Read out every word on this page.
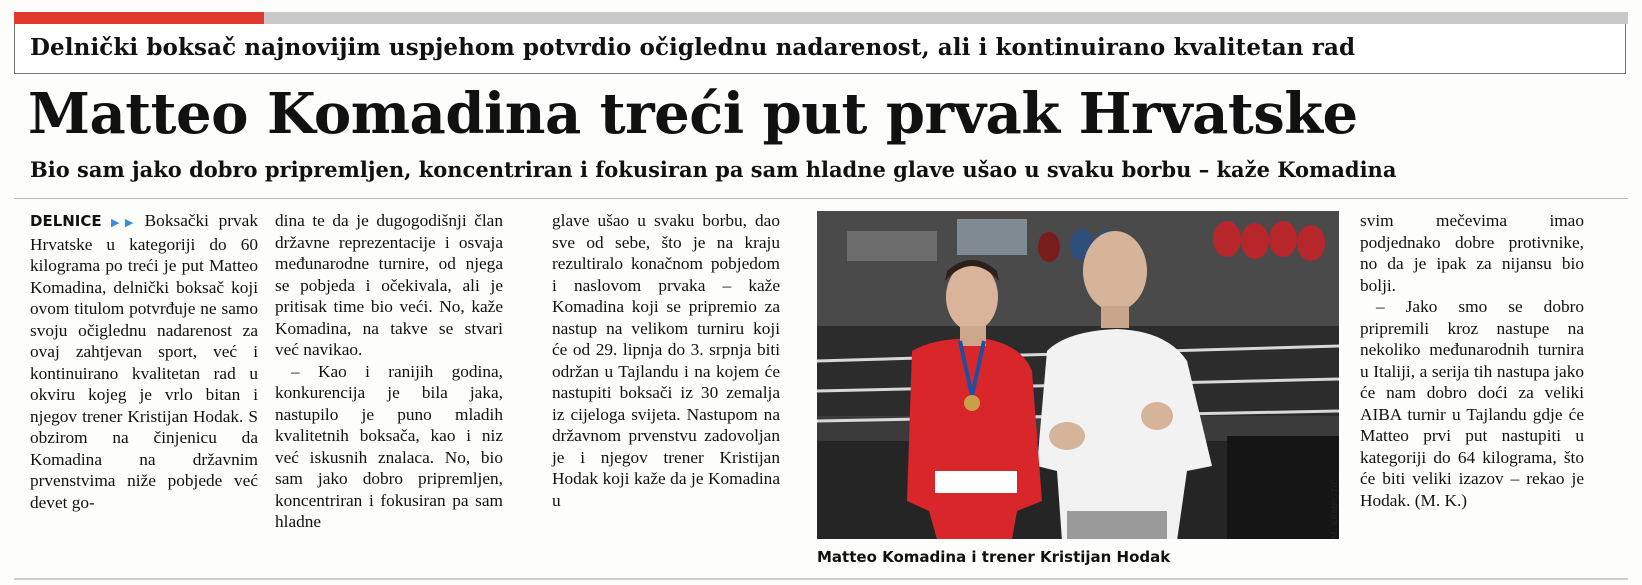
Delnički boksač najnovijim uspjehom potvrdio očiglednu nadarenost, ali i kontinuirano kvalitetan rad
Matteo Komadina treći put prvak Hrvatske
Bio sam jako dobro pripremljen, koncentriran i fokusiran pa sam hladne glave ušao u svaku borbu – kaže Komadina

DELNICE ▶▶ Boksački prvak Hrvatske u kategoriji do 60 kilograma po treći je put Matteo Komadina, delnički boksač koji ovom titulom potvrđuje ne samo svoju očiglednu nadarenost za ovaj zahtjevan sport, već i kontinuirano kvalitetan rad u okviru kojeg je vrlo bitan i njegov trener Kristijan Hodak. S obzirom na činjenicu da Komadina na državnim prvenstvima niže pobjede već devet go-

dina te da je dugogodišnji član državne reprezentacije i osvaja međunarodne turnire, od njega se pobjeda i očekivala, ali je pritisak time bio veći. No, kaže Komadina, na takve se stvari već navikao.

– Kao i ranijih godina, konkurencija je bila jaka, nastupilo je puno mladih kvalitetnih boksača, kao i niz već iskusnih znalaca. No, bio sam jako dobro pripremljen, koncentriran i fokusiran pa sam hladne

glave ušao u svaku borbu, dao sve od sebe, što je na kraju rezultiralo konačnom pobjedom i naslovom prvaka – kaže Komadina koji se pripremio za nastup na velikom turniru koji će od 29. lipnja do 3. srpnja biti održan u Tajlandu i na kojem će nastupiti boksači iz 30 zemalja iz cijeloga svijeta. Nastupom na državnom prvenstvu zadovoljan je i njegov trener Kristijan Hodak koji kaže da je Komadina u	M. KRMPOTIĆ
Matteo Komadina i trener Kristijan Hodak

svim mečevima imao podjednako dobre protivnike, no da je ipak za nijansu bio bolji.

– Jako smo se dobro pripremili kroz nastupe na nekoliko međunarodnih turnira u Italiji, a serija tih nastupa jako će nam dobro doći za veliki AIBA turnir u Tajlandu gdje će Matteo prvi put nastupiti u kategoriji do 64 kilograma, što će biti veliki izazov – rekao je Hodak. (M. K.)
